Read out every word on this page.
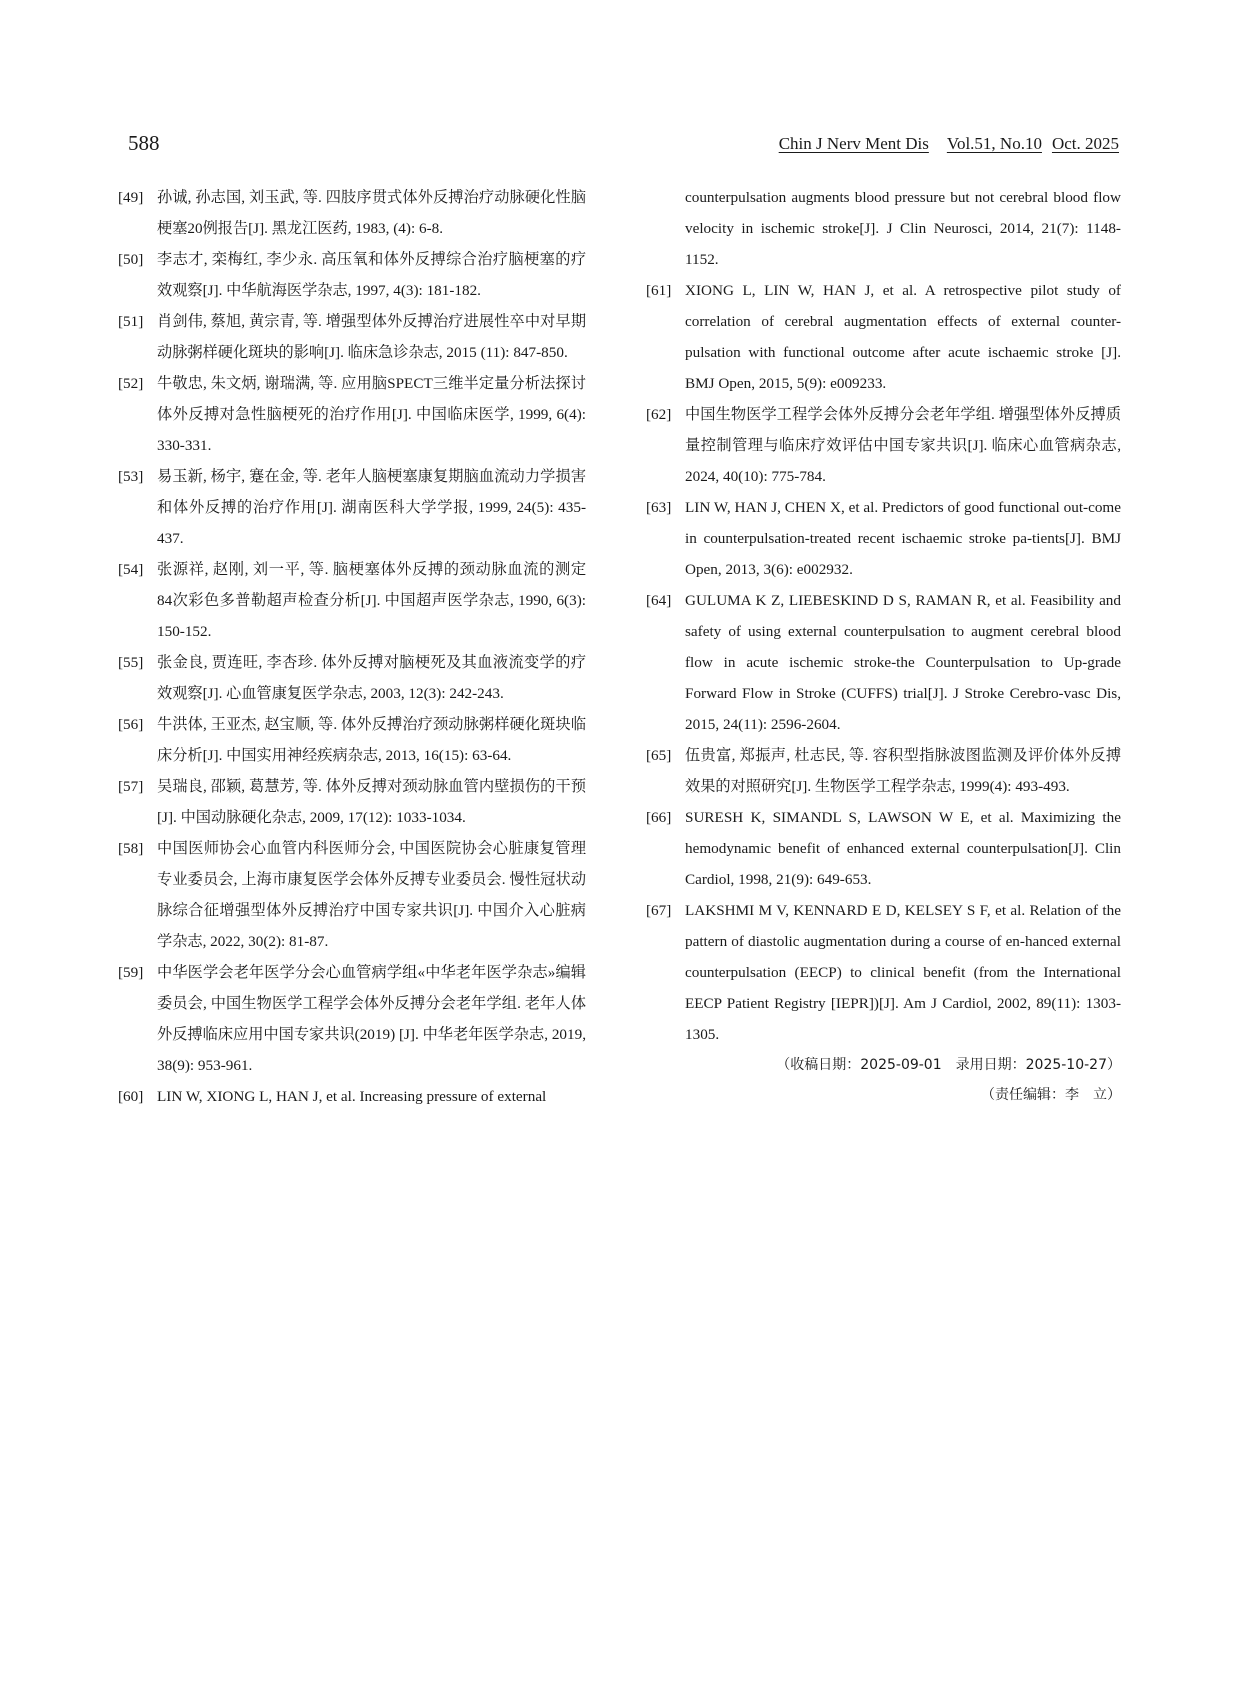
588	Chin J Nerv Ment Dis Vol.51, No.10 Oct. 2025
[49] 孙诚, 孙志国, 刘玉武, 等. 四肢序贯式体外反搏治疗动脉硬化性脑梗塞20例报告[J]. 黑龙江医药, 1983, (4): 6-8.
[50] 李志才, 栾梅红, 李少永. 高压氧和体外反搏综合治疗脑梗塞的疗效观察[J]. 中华航海医学杂志, 1997, 4(3): 181-182.
[51] 肖剑伟, 蔡旭, 黄宗青, 等. 增强型体外反搏治疗进展性卒中对早期动脉粥样硬化斑块的影响[J]. 临床急诊杂志, 2015 (11): 847-850.
[52] 牛敬忠, 朱文炳, 谢瑞满, 等. 应用脑SPECT三维半定量分析法探讨体外反搏对急性脑梗死的治疗作用[J]. 中国临床医学, 1999, 6(4): 330-331.
[53] 易玉新, 杨宇, 蹇在金, 等. 老年人脑梗塞康复期脑血流动力学损害和体外反搏的治疗作用[J]. 湖南医科大学学报, 1999, 24(5): 435-437.
[54] 张源祥, 赵刚, 刘一平, 等. 脑梗塞体外反搏的颈动脉血流的测定 84次彩色多普勒超声检查分析[J]. 中国超声医学杂志, 1990, 6(3): 150-152.
[55] 张金良, 贾连旺, 李杏珍. 体外反搏对脑梗死及其血液流变学的疗效观察[J]. 心血管康复医学杂志, 2003, 12(3): 242-243.
[56] 牛洪体, 王亚杰, 赵宝顺, 等. 体外反搏治疗颈动脉粥样硬化斑块临床分析[J]. 中国实用神经疾病杂志, 2013, 16(15): 63-64.
[57] 吴瑞良, 邵颖, 葛慧芳, 等. 体外反搏对颈动脉血管内壁损伤的干预[J]. 中国动脉硬化杂志, 2009, 17(12): 1033-1034.
[58] 中国医师协会心血管内科医师分会, 中国医院协会心脏康复管理专业委员会, 上海市康复医学会体外反搏专业委员会. 慢性冠状动脉综合征增强型体外反搏治疗中国专家共识[J]. 中国介入心脏病学杂志, 2022, 30(2): 81-87.
[59] 中华医学会老年医学分会心血管病学组«中华老年医学杂志»编辑委员会, 中国生物医学工程学会体外反搏分会老年学组. 老年人体外反搏临床应用中国专家共识(2019) [J]. 中华老年医学杂志, 2019, 38(9): 953-961.
[60] LIN W, XIONG L, HAN J, et al. Increasing pressure of external
counterpulsation augments blood pressure but not cerebral blood flow velocity in ischemic stroke[J]. J Clin Neurosci, 2014, 21(7): 1148-1152.
[61] XIONG L, LIN W, HAN J, et al. A retrospective pilot study of correlation of cerebral augmentation effects of external counter-pulsation with functional outcome after acute ischaemic stroke [J]. BMJ Open, 2015, 5(9): e009233.
[62] 中国生物医学工程学会体外反搏分会老年学组. 增强型体外反搏质量控制管理与临床疗效评估中国专家共识[J]. 临床心血管病杂志, 2024, 40(10): 775-784.
[63] LIN W, HAN J, CHEN X, et al. Predictors of good functional out-come in counterpulsation-treated recent ischaemic stroke pa-tients[J]. BMJ Open, 2013, 3(6): e002932.
[64] GULUMA K Z, LIEBESKIND D S, RAMAN R, et al. Feasibility and safety of using external counterpulsation to augment cerebral blood flow in acute ischemic stroke-the Counterpulsation to Up-grade Forward Flow in Stroke (CUFFS) trial[J]. J Stroke Cerebro-vasc Dis, 2015, 24(11): 2596-2604.
[65] 伍贵富, 郑振声, 杜志民, 等. 容积型指脉波图监测及评价体外反搏效果的对照研究[J]. 生物医学工程学杂志, 1999(4): 493-493.
[66] SURESH K, SIMANDL S, LAWSON W E, et al. Maximizing the hemodynamic benefit of enhanced external counterpulsation[J]. Clin Cardiol, 1998, 21(9): 649-653.
[67] LAKSHMI M V, KENNARD E D, KELSEY S F, et al. Relation of the pattern of diastolic augmentation during a course of en-hanced external counterpulsation (EECP) to clinical benefit (from the International EECP Patient Registry [IEPR])[J]. Am J Cardiol, 2002, 89(11): 1303-1305.
（收稿日期：2025-09-01　录用日期：2025-10-27）
（责任编辑：李　立）
